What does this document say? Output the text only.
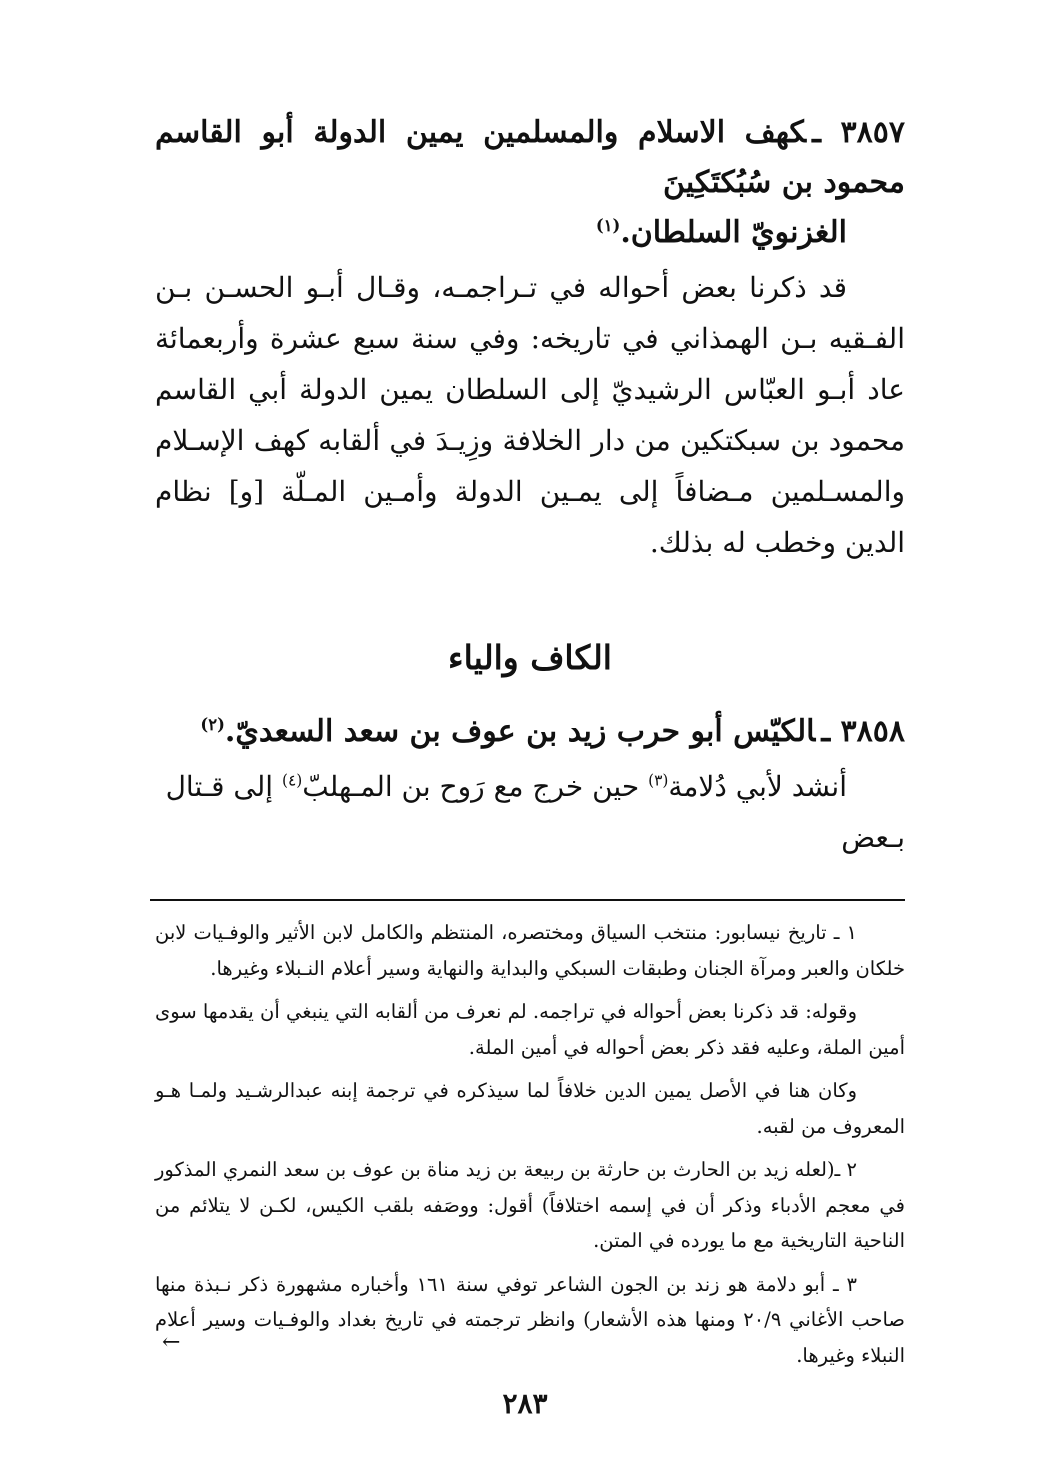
٣٨٥٧ ـكهف الاسلام والمسلمين يمين الدولة أبو القاسم محمود بن سُبُكتَكِينَ
الغزنويّ السلطان.$^{(١)}$

قد ذكرنا بعض أحواله في تـراجمـه، وقـال أبـو الحسـن بـن الفـقيه بـن الهمذاني في تاريخه: وفي سنة سبع عشرة وأربعمائة عاد أبـو العبّاس الرشيديّ إلى السلطان يمين الدولة أبي القاسم محمود بن سبكتكين من دار الخلافة وزِيـدَ في ألقابه كهف الإسـلام والمسـلمين مـضافاً إلى يمـين الدولة وأمـين المـلّة [و] نظام الدين وخطب له بذلك.

الكاف والياء

٣٨٥٨ ـالكيّس أبو حرب زيد بن عوف بن سعد السعديّ.$^{(٢)}$

أنشد لأبي دُلامة$^{(٣)}$ حين خرج مع رَوح بن المـهلبّ$^{(٤)}$ إلى قـتال بـعض

١ ـ تاريخ نيسابور: منتخب السياق ومختصره، المنتظم والكامل لابن الأثير والوفـيات لابن خلكان والعبر ومرآة الجنان وطبقات السبكي والبداية والنهاية وسير أعلام النـبلاء وغيرها.

وقوله: قد ذكرنا بعض أحواله في تراجمه. لم نعرف من ألقابه التي ينبغي أن يقدمها سوى أمين الملة، وعليه فقد ذكر بعض أحواله في أمين الملة.

وكان هنا في الأصل يمين الدين خلافاً لما سيذكره في ترجمة إبنه عبدالرشـيد ولمـا هـو المعروف من لقبه.

٢ ـ(لعله زيد بن الحارث بن حارثة بن ربيعة بن زيد مناة بن عوف بن سعد النمري المذكور في معجم الأدباء وذكر أن في إسمه اختلافاً) أقول: ووصَفه بلقب الكيس، لكـن لا يتلائم من الناحية التاريخية مع ما يورده في المتن.

٣ ـ أبو دلامة هو زند بن الجون الشاعر توفي سنة ١٦١ وأخباره مشهورة ذكر نـبذة منها صاحب الأغاني ٢٠/٩ ومنها هذه الأشعار) وانظر ترجمته في تاريخ بغداد والوفـيات وسير أعلام النبلاء وغيرها.

←
٢٨٣
